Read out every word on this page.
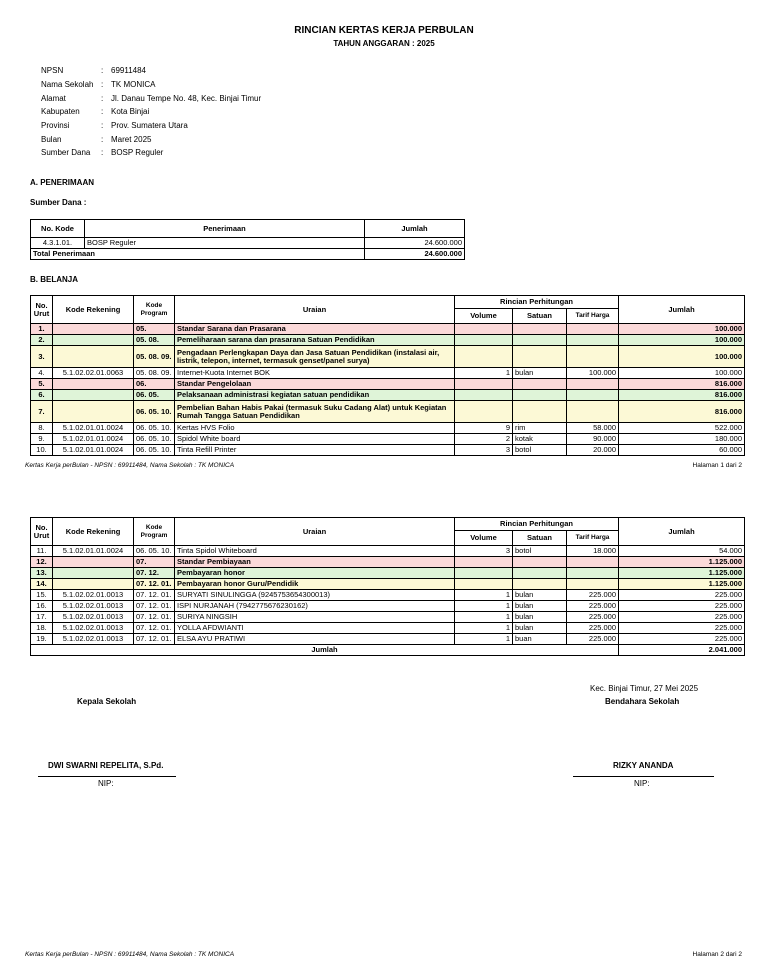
RINCIAN KERTAS KERJA PERBULAN
TAHUN ANGGARAN : 2025
NPSN	: 69911484
Nama Sekolah : TK MONICA
Alamat	: Jl. Danau Tempe No. 48, Kec. Binjai Timur
Kabupaten	: Kota Binjai
Provinsi	: Prov. Sumatera Utara
Bulan	: Maret 2025
Sumber Dana	: BOSP Reguler
A. PENERIMAAN
Sumber Dana :
No. Kode	Penerimaan	Jumlah
4.3.1.01.	BOSP Reguler	24.600.000
Total Penerimaan		24.600.000
B. BELANJA
No.
Urut	Kode Rekening	Kode
Program	Uraian	Rincian Perhitungan			Jumlah
				Volume	Satuan	Tarif Harga	
1.		05.	Standar Sarana dan Prasarana				100.000
2.		05. 08.	Pemeliharaan sarana dan prasarana Satuan Pendidikan				100.000
3.		05. 08. 09.	Pengadaan Perlengkapan Daya dan Jasa Satuan Pendidikan (instalasi air, listrik, telepon, internet, termasuk genset/panel surya)				100.000
4.	5.1.02.02.01.0063	05. 08. 09.	Internet-Kuota Internet BOK	1	bulan	100.000	100.000
5.		06.	Standar Pengelolaan				816.000
6.		06. 05.	Pelaksanaan administrasi kegiatan satuan pendidikan				816.000
7.		06. 05. 10.	Pembelian Bahan Habis Pakai (termasuk Suku Cadang Alat) untuk Kegiatan Rumah Tangga Satuan Pendidikan				816.000
8.	5.1.02.01.01.0024	06. 05. 10.	Kertas HVS Folio	9	rim	58.000	522.000
9.	5.1.02.01.01.0024	06. 05. 10.	Spidol White board	2	kotak	90.000	180.000
10.	5.1.02.01.01.0024	06. 05. 10.	Tinta Refill Printer	3	botol	20.000	60.000
Kertas Kerja perBulan - NPSN : 69911484, Nama Sekolah : TK MONICA	Halaman 1 dari 2
No.
Urut	Kode Rekening	Kode
Program	Uraian	Rincian Perhitungan			Jumlah
				Volume	Satuan	Tarif Harga	
11.	5.1.02.01.01.0024	06. 05. 10.	Tinta Spidol Whiteboard	3	botol	18.000	54.000
12.		07.	Standar Pembiayaan				1.125.000
13.		07. 12.	Pembayaran honor				1.125.000
14.		07. 12. 01.	Pembayaran honor Guru/Pendidik				1.125.000
15.	5.1.02.02.01.0013	07. 12. 01.	SURYATI SINULINGGA (9245753654300013)	1	bulan	225.000	225.000
16.	5.1.02.02.01.0013	07. 12. 01.	ISPI NURJANAH (7942775676230162)	1	bulan	225.000	225.000
17.	5.1.02.02.01.0013	07. 12. 01.	SURIYA NINGSIH	1	bulan	225.000	225.000
18.	5.1.02.02.01.0013	07. 12. 01.	YOLLA AFDWIANTI	1	bulan	225.000	225.000
19.	5.1.02.02.01.0013	07. 12. 01.	ELSA AYU PRATIWI	1	buan	225.000	225.000
Jumlah							2.041.000
Kec. Binjai Timur, 27 Mei 2025
Kepala Sekolah	Bendahara Sekolah
DWI SWARNI REPELITA, S.Pd.	RIZKY ANANDA
NIP:	NIP:
Kertas Kerja perBulan - NPSN : 69911484, Nama Sekolah : TK MONICA	Halaman 2 dari 2
